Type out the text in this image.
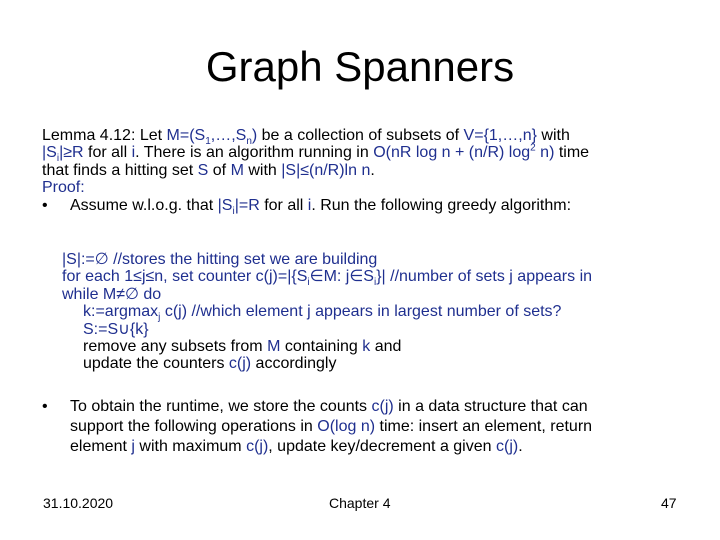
Graph Spanners

Lemma 4.12: Let $M=(S_1,\dots,S_n)$ be a collection of subsets of V={1,…,n} with

$|S_i|\ge R$ for all i. There is an algorithm running in O(nR log n + (n/R) $\log^2 n$) time

that finds a hitting set S of M with |S|≤(n/R)ln n.

Proof:

• Assume w.l.o.g. that $|S_i|=R$ for all i. Run the following greedy algorithm:

|S|:=∅ //stores the hitting set we are building

for each 1≤j≤n, set counter $c(j)=|\{S_i\in M$: $j\in S_i\}|$ //number of sets j appears in

while M≠∅ do

k:=argmax$_j$ c(j) //which element j appears in largest number of sets?

S:=S∪{k}

remove any subsets from M containing k and

update the counters c(j) accordingly

• To obtain the runtime, we store the counts c(j) in a data structure that can

support the following operations in O(log n) time: insert an element, return

element j with maximum c(j), update key/decrement a given c(j).

31.10.2020	Chapter 4	47
